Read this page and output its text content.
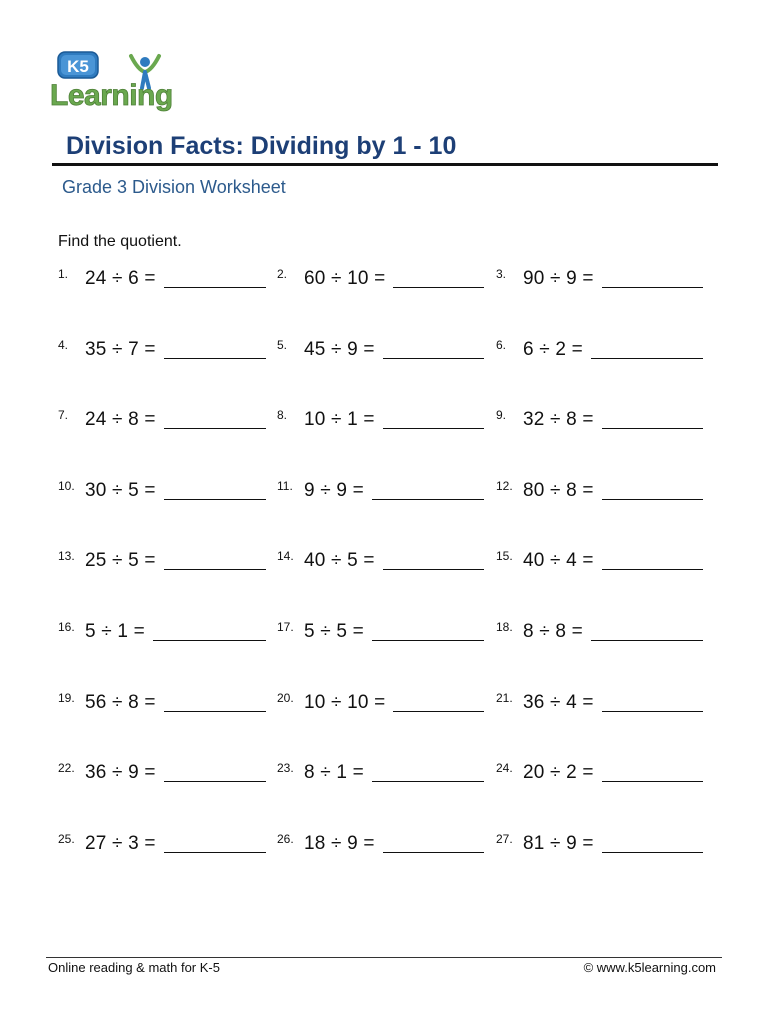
K5
Learning
Division Facts: Dividing by 1 - 10
Grade 3 Division Worksheet
Find the quotient.
1. 24 ÷ 6 =	2. 60 ÷ 10 =	3. 90 ÷ 9 =
4. 35 ÷ 7 =	5. 45 ÷ 9 =	6. 6 ÷ 2 =
7. 24 ÷ 8 =	8. 10 ÷ 1 =	9. 32 ÷ 8 =
10. 30 ÷ 5 =	11. 9 ÷ 9 =	12. 80 ÷ 8 =
13. 25 ÷ 5 =	14. 40 ÷ 5 =	15. 40 ÷ 4 =
16. 5 ÷ 1 =	17. 5 ÷ 5 =	18. 8 ÷ 8 =
19. 56 ÷ 8 =	20. 10 ÷ 10 =	21. 36 ÷ 4 =
22. 36 ÷ 9 =	23. 8 ÷ 1 =	24. 20 ÷ 2 =
25. 27 ÷ 3 =	26. 18 ÷ 9 =	27. 81 ÷ 9 =
Online reading & math for K-5	© www.k5learning.com
